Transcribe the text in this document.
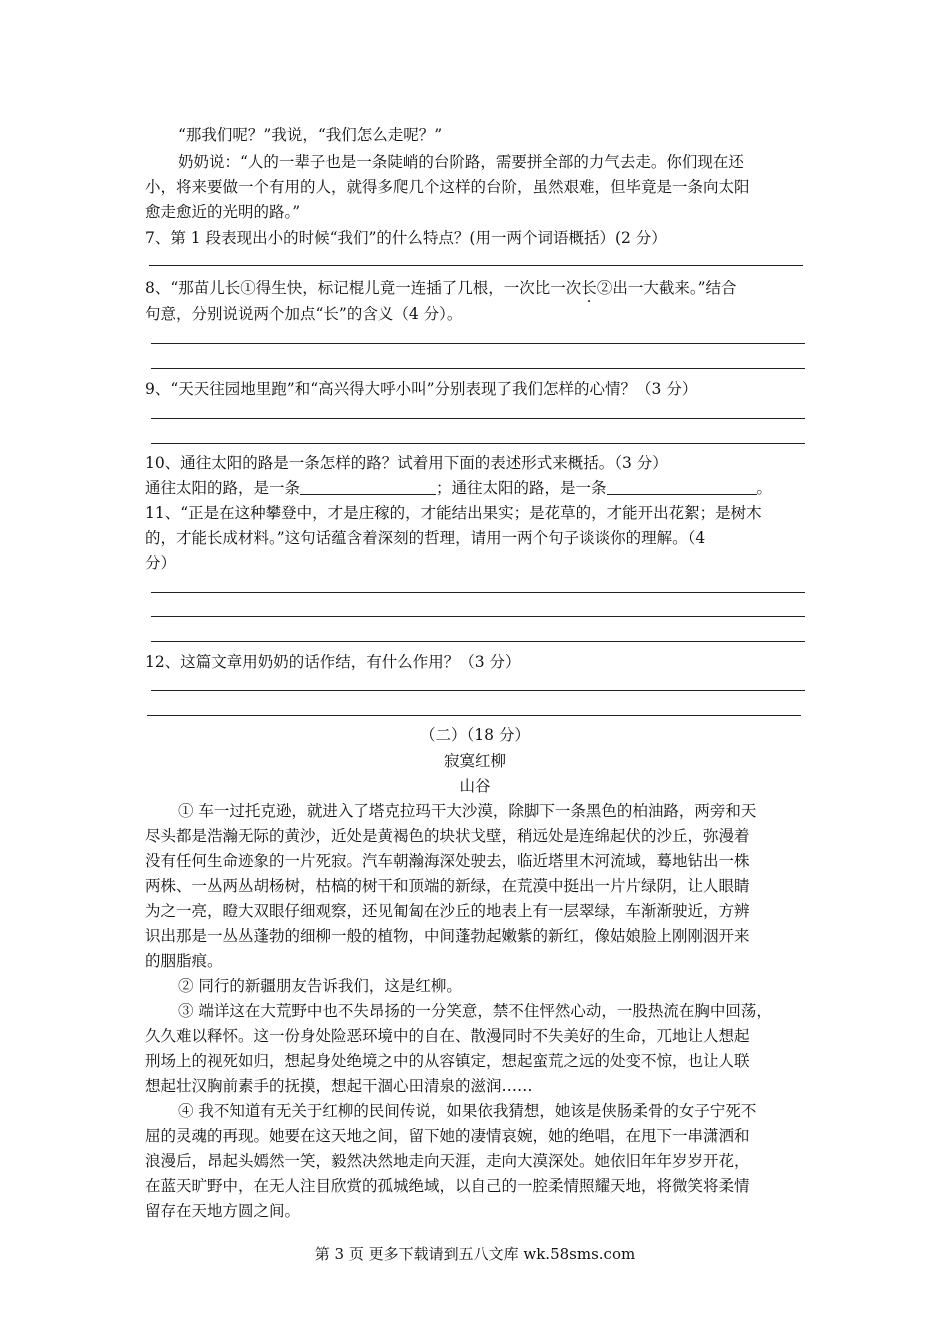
“那我们呢？”我说，“我们怎么走呢？”
奶奶说：“人的一辈子也是一条陡峭的台阶路，需要拼全部的力气去走。你们现在还
小，将来要做一个有用的人，就得多爬几个这样的台阶，虽然艰难，但毕竟是一条向太阳
愈走愈近的光明的路。”
7、第 1 段表现出小的时候“我们”的什么特点？(用一两个词语概括）(2 分）
8、“那苗儿长①得生快，标记棍儿竟一连插了几根，一次比一次长②出一大截来。”结合
句意，分别说说两个加点“长”的含义（4 分）。
9、“天天往园地里跑”和“高兴得大呼小叫”分别表现了我们怎样的心情？（3 分）
10、通往太阳的路是一条怎样的路？试着用下面的表述形式来概括。（3 分）
通往太阳的路，是一条	；通往太阳的路，是一条	。
11、“正是在这种攀登中，才是庄稼的，才能结出果实；是花草的，才能开出花絮；是树木
的，才能长成材料。”这句话蕴含着深刻的哲理，请用一两个句子谈谈你的理解。（4
分）
12、这篇文章用奶奶的话作结，有什么作用？（3 分）
（二）（18 分）
寂寞红柳
山谷
① 车一过托克逊，就进入了塔克拉玛干大沙漠，除脚下一条黑色的柏油路，两旁和天
尽头都是浩瀚无际的黄沙，近处是黄褐色的块状戈壁，稍远处是连绵起伏的沙丘，弥漫着
没有任何生命迹象的一片死寂。汽车朝瀚海深处驶去，临近塔里木河流域，蓦地钻出一株
两株、一丛两丛胡杨树，枯槁的树干和顶端的新绿，在荒漠中挺出一片片绿阴，让人眼睛
为之一亮，瞪大双眼仔细观察，还见匍匐在沙丘的地表上有一层翠绿，车渐渐驶近，方辨
识出那是一丛丛蓬勃的细柳一般的植物，中间蓬勃起嫩紫的新红，像姑娘脸上刚刚洇开来
的胭脂痕。
② 同行的新疆朋友告诉我们，这是红柳。
③ 端详这在大荒野中也不失昂扬的一分笑意，禁不住怦然心动，一股热流在胸中回荡，
久久难以释怀。这一份身处险恶环境中的自在、散漫同时不失美好的生命，兀地让人想起
刑场上的视死如归，想起身处绝境之中的从容镇定，想起蛮荒之远的处变不惊，也让人联
想起壮汉胸前素手的抚摸，想起干涸心田清泉的滋润……
④ 我不知道有无关于红柳的民间传说，如果依我猜想，她该是侠肠柔骨的女子宁死不
屈的灵魂的再现。她要在这天地之间，留下她的凄情哀婉，她的绝唱，在甩下一串潇洒和
浪漫后，昂起头嫣然一笑，毅然决然地走向天涯，走向大漠深处。她依旧年年岁岁开花，
在蓝天旷野中，在无人注目欣赏的孤城绝域，以自己的一腔柔情照耀天地，将微笑将柔情
留存在天地方圆之间。
第 3 页 更多下载请到五八文库 wk.58sms.com
